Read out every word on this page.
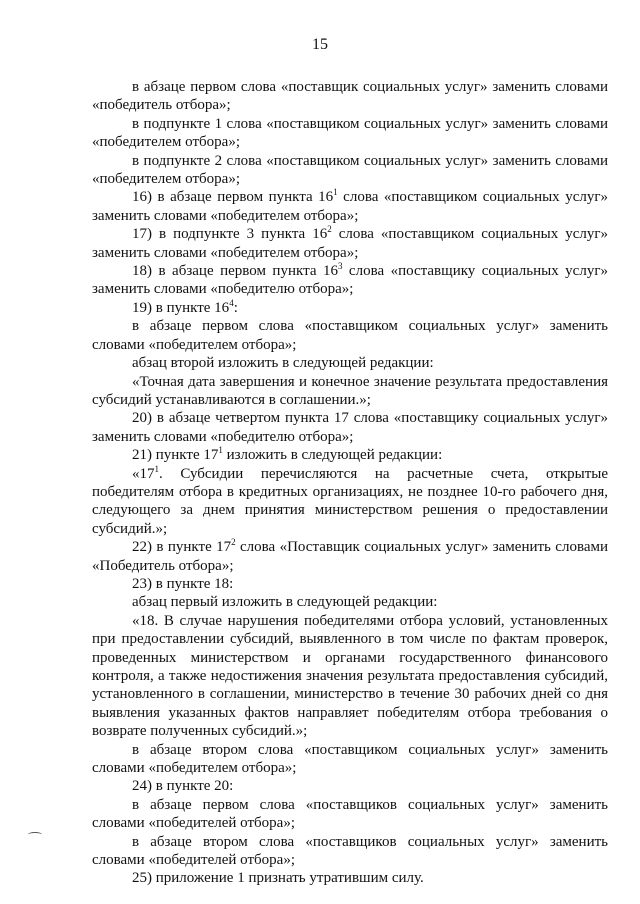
15

в абзаце первом слова «поставщик социальных услуг» заменить словами «победитель отбора»;

в подпункте 1 слова «поставщиком социальных услуг» заменить словами «победителем отбора»;

в подпункте 2 слова «поставщиком социальных услуг» заменить словами «победителем отбора»;

16) в абзаце первом пункта $16^1$ слова «поставщиком социальных услуг» заменить словами «победителем отбора»;

17) в подпункте 3 пункта $16^2$ слова «поставщиком социальных услуг» заменить словами «победителем отбора»;

18) в абзаце первом пункта $16^3$ слова «поставщику социальных услуг» заменить словами «победителю отбора»;

19) в пункте $16^4$:

в абзаце первом слова «поставщиком социальных услуг» заменить словами «победителем отбора»;

абзац второй изложить в следующей редакции:

«Точная дата завершения и конечное значение результата предоставления субсидий устанавливаются в соглашении.»;

20) в абзаце четвертом пункта 17 слова «поставщику социальных услуг» заменить словами «победителю отбора»;

21) пункте $17^1$ изложить в следующей редакции:

«$17^1$. Субсидии перечисляются на расчетные счета, открытые победителям отбора в кредитных организациях, не позднее 10-го рабочего дня, следующего за днем принятия министерством решения о предоставлении субсидий.»;

22) в пункте $17^2$ слова «Поставщик социальных услуг» заменить словами «Победитель отбора»;

23) в пункте 18:

абзац первый изложить в следующей редакции:

«18. В случае нарушения победителями отбора условий, установленных при предоставлении субсидий, выявленного в том числе по фактам проверок, проведенных министерством и органами государственного финансового контроля, а также недостижения значения результата предоставления субсидий, установленного в соглашении, министерство в течение 30 рабочих дней со дня выявления указанных фактов направляет победителям отбора требования о возврате полученных субсидий.»;

в абзаце втором слова «поставщиком социальных услуг» заменить словами «победителем отбора»;

24) в пункте 20:

в абзаце первом слова «поставщиков социальных услуг» заменить словами «победителей отбора»;

в абзаце втором слова «поставщиков социальных услуг» заменить словами «победителей отбора»;

25) приложение 1 признать утратившим силу.
